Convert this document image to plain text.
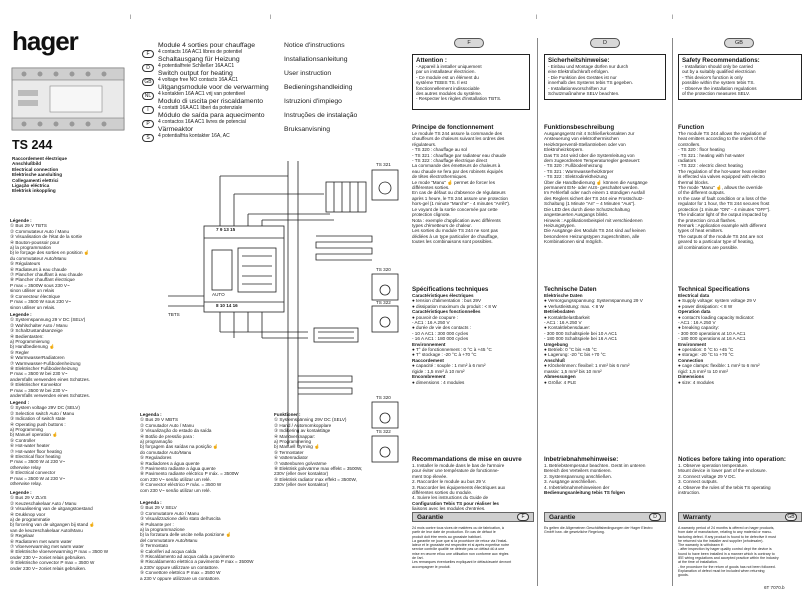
hager
TS 244
Raccordement électrique
Anschlußbild
Electrical connection
Elektrische aansluiting
Collegamenti elettrici
Ligação eléctrica
Elektrisk inkoppling
F
Module 4 sorties pour chauffage
4 contacts 16A AC1 libres de potentiel
Notice d'instructions
D
Schaltausgang für Heizung
4 potentialfreie Schließer 16A AC1
Installationsanleitung
GB
Switch output for heating
4 voltage free NO contacts 16A AC1
User instruction
NL
Uitgangsmodule voor de verwarming
4 kontakten 16A AC1 vrij van potentieel
Bedieningshandleiding
I
Modulo di uscita per riscaldamento
4 contatti 16A AC1 liberi da potenziale
Istruzioni d'impiego
P
Módulo de saída para aquecimento
4 contactos 16A AC1 livres de potencial
Instruções de instalação
S
Värmeaktor
4 potentialfria kontakter 16A, AC
Bruksanvisning
TS 321
TS 320
TS 322
TS 320
TS 322
7 9 13 15
8 10 14 16
TBTS
AUTO
Légende :
① Bus 29 V TBTS
② Commutateur Auto / Manu
③ Visualisation de l'état de la sortie
④ Bouton-poussoir pour
a) la programmation
b) le forçage des sorties en position ☝
du commutateur Auto/Manu
⑤ Régulateurs
⑥ Radiateurs à eau chaude
⑦ Plancher chauffant à eau chaude
⑧ Plancher chauffant électrique
P max = 3500W sous 230 V~
sinon utiliser un relais
⑨ Convecteur électrique
P max = 3500 W sous 230 V~
sinon utiliser un relais.
Legende :
① Systemspannung 29 V DC (SELV)
② Wahlschalter Auto / Manu
③ Schaltzustandsanzeige
④ Bedientasten:
a) Programmierung
b) Handbedienung ☝
⑤ Regler
⑥ WarmwasserRadiatoren
⑦ Warmwasser-Fußbodenheizung
⑧ Elektrischer Fußbodenheizung
P max = 3500 W bei 230 V~
andernfalls verwenden eines Schützes.
⑨ Elektrischer Konvektor
P max = 3500 W bei 230 V~
andernfalls verwenden eines Schützes.
Legend :
① System voltage 29V DC (SELV)
② Selection switch Auto / Manu
③ Indication of switch state
④ Operating push buttons :
a) Programming
b) Manuel operation ☝
⑤ Controller
⑥ Hot-water heater
⑦ Hot-water floor heating
⑧ Electrical floor heating
P max = 3500 W at 230 V~
otherwise relay
⑨ Electrical convector
P max = 3500 W at 230 V~
otherwise relay.
Legende :
① Bus 29 V ZLVS
② Keuzeschakelaar Auto / Manu
③ Visualisering van de uitgangstoestand
④ Drukknop voor
a) de programmatie
b) forcering van de uitgangen bij stand ☝
van de keuzeschakelaar Auto/Manu
⑤ Regelaar
⑥ Radiatoren met warm water
⑦ Vloerverwarming met warm water
⑧ Elektrische vloerverwarming P max = 3500 W
onder 230 V~ zoniet relais gebruiken.
⑨ Elektrische convector P max = 3500 W
onder 230 V~ zoniet relais gebruiken.
Legenda :
① Bus 29 V SELV
② Commutatore Auto / Manu
③ Visualizzazione dello stato dell'uscita
④ Pulsante per :
a) la programmazione
b) la forzatura delle uscite nella posizione ☝
del commutatore Auto/Manu
⑤ Termostato
⑥ Caloriferi ad acqua calda
⑦ Riscaldamento ad acqua calda a pavimento
⑧ Riscaldamento elettrico a pavimento P max = 3500W
a 230V oppure utilizzare un contattore.
⑨ Convettore elettrico P max = 3500 W
a 230 V oppure utilizzare un contattore.
Legenda :
① Bus 29 V MBTS
② Comutador Auto / Manu
③ Visualização do estado da saída
④ Botão de pressão para :
a) programação
b) forçagem das saídas na posição ☝
do comutador Auto/Manu
⑤ Reguladores
⑥ Radiadores a água quente
⑦ Pavimento radiante a água quente
⑧ Pavimento radiante eléctrico P máx. = 3500W
com 230 V~ senão utilizar um relé.
⑨ Convector eléctrico P máx. = 3500 W
com 230 V~ senão utilizar um relé.
Funktioner :
① Systemspänning 29V DC (SELV)
② Hand / Automomkopplare
③ Indikering av kontaktläge
④ Manöverknappar:
a) Programmering
b) Manuell styrning ☝
⑤ Termostater
⑥ Vattenradiator
⑦ Vattenburen golvvärme
⑧ Elektrisk golvvärme max effekt = 3500W,
230V (eller över kontaktor)
⑨ Elektrisk radiator max effekt = 3500W,
230V (eller över kontaktor)
F	D	GB
Attention :
- Appareil à installer uniquement
par un installateur électricien.
- Ce module est un élément du
système TEBIS TS. Il est
fonctionnellement indissociable
des autres modules du système.
- Respecter les règles d'installation TBTS.
Sicherheitshinweise:
- Einbau und Montage dürfen nur durch
eine Elektrofachkraft erfolgen.
- Die Funktion des Gerätes ist nur
innerhalb des Systems tebis TS gegeben.
- Installationsvorschriften zur
Schutzmaßnahme SELV beachten.
Safety Recommendations:
- Installation should only be carried
out by a suitably qualified electrician
- This device's function is only
possible within the system tebis TS.
- Observe the installation regulations
of the protection measures SELV.
Principe de fonctionnement
Le module TS 244 assure la commande des
chauffeurs de chaleurs suivant les ordres des
régulateurs.
- TS 320 : chauffage au sol
- TS 321 : chauffage par radiateur eau chaude
- TS 322 : chauffage électrique direct
La commande des émetteurs de chaleurs à
eau chaude se fera par des robinets équipés
de têtes électrothermiques.
Le mode "Manu" ☝ permet de forcer les
différentes sorties.
En cas de défaut ou d'absence de régulateurs
après 1 heure, le TS 244 assure une protection
hors-gel (1 minute "Marche" - 4 minutes "Arrêt").
Le voyant de la sortie concernée par cette
protection clignote.
Nota : exemple d'application avec différents
types d'émetteurs de chaleur.
Les sorties du module TS 244 ne sont pas
dédiées à un type particulier de chauffage,
toutes les combinaisons sont possibles.
Funktionsbeschreibung
Ausgangsgerät mit 4 Schließerkontakten zur
Ansteuerung von elektrothermischen
Heizkörperventil-Stellantrieben oder von
Elektroheizkörpern.
Das TS 244 wird über die Systemleitung von
dem zugeordneten Temperaturregler gesteuert:
- TS 320 : Fußbodenheizung
- TS 321 : Warmwasserheizkörper
- TS 322 : Elektrodirektheizung
Über die Handbedienung ☝ können die Ausgänge
permanent EIN- oder AUS- geschaltet werden.
Im Fehlerfall oder nach einem 1 stündigen Ausfall
des Reglers sichert der TS 244 eine Frostschutz-
Schaltung (1 Minute "An" – 4 Minuten "Aus").
Die LED des durch diese Schutzschaltung
angesteuerten Ausgangs blinkt.
Hinweis : Applikationsbeispiel mit verschiedenen
Heizungstypen.
Die Ausgänge des Moduls TS 244 sind auf keinen
besonderen Heizungstypen zugeschnitten, alle
Kombinationen sind möglich.
Function
The module TS 244 allows the regulation of
heat emitters according to the orders of the
controllers.
- TS 320 : floor heating
- TS 321 : heating with hot-water
radiators
- TS 322 : electric direct heating
The regulation of the hot-water heat emitter
is effected via valves equipped with electro
thermal blocks.
The mode "Manu" ☝, allows the override
of the different outputs.
In the case of fault condition or a loss of the
regulator for 1 hour, the TS 244 secures frost
protection (1 minute "ON" - 4 minutes "OFF").
The indicator light of the output impacted by
the protection circuit flashes.
Remark : Application example with different
types of heat emitters.
The outputs of the module TS 244 are not
geared to a particular type of heating,
all combinations are possible.
Spécifications techniques
Caractéristiques électriques
● tension d'alimentation : bus 29V
● dissipation maximum du produit : < 8 W
Caractéristiques fonctionnelles
● pouvoir de coupure :
- AC1 : 16 A 250 V
● durée de vie des contacts :
- 10 A AC1 : 300 000 cycles
- 16 A AC1 : 180 000 cycles
Environnement
● T° de fonctionnement : 0 °C à +45 °C
● T° stockage : -20 °C à +70 °C
Raccordement
● capacité : souple : 1 mm² à 6 mm²
rigide : 1,5 mm² à 10 mm²
Encombrement
● dimensions : 4 modules
Technische Daten
Elektrische Daten
● Versorgungsspannung: Systemspannung 29 V
● Verlustleistung: max. < 8 W
Betriebsdaten
● Kontaktbelastbarkeit
- AC1 : 16 A 250 V
● Kontaktlebensdauer:
- 300 000 Schaltspiele bei 10 A AC1
- 180 000 Schaltspiele bei 16 A AC1
Umgebung
● Betrieb: 0 °C bis +45 °C
● Lagerung: -20 °C bis +70 °C
Anschluß
● Klöckelmmen: flexibel: 1 mm² bis 6 mm²
massiv: 1,5 mm² bis 10 mm²
Abmessungen
● Größe: 4 PLE
Technical Specifications
Electrical data
● Supply voltage: system voltage 29 V
● power dissipation: < 8 W
Operation data
● contact's loading capacity Indicator:
- AC1 : 16 A 250 V
● breaking capacity:
- 300 000 operations at 10 A AC1
- 180 000 operations at 16 A AC1
Environment
● operation: 0 °C to +45 °C
● storage: -20 °C to +70 °C
Connection
● cage clamps: flexible: 1 mm² to 6 mm²
rigid: 1,5 mm² to 10 mm²
Dimensions
● size: 4 modules
Recommandations de mise en œuvre
1. Installer le module dans le bas de l'armoire
pour éviter une température de fonctionne-
ment trop élevée.
2. Raccorder le module au bus 29 V.
3. Raccorder les équipements électriques aux
différentes sorties du module.
4. Suivre les instructions du Guide de
Configuration Tebis TS pour réaliser les
liaisons avec les modules d'entrées.
Inbetriebnahmehinweise:
1. Betriebstemperatur beachten. Gerät im unteren
Bereich des Verteilers montieren.
2. Systemspannung anschließen.
3. Ausgänge anschließen.
4. Inbetriebnahmehinweisen der
Bedienungsanleitung tebis TS folgen
Notices before taking into operation:
1. Observe operation temperature.
Mount device in lower part of the enclosure.
2. Connect voltage 29 V DC.
3. Connect outputs.
4. Observe the rules of the tebis TS operating
instruction.
Garantie	F	Garantie	D	Warranty	GB
24 mois contre tous vices de matières ou de fabrication, à
partir de leur date de production. En cas de défaut le
produit doit être remis au grossiste habituel.
La garantie ne joue que si la procédure de retour via l'instal-
lateur et le grossiste est respectée et si après expertise notre
service contrôle qualité ne détecte pas un défaut dû à une
mise en œuvre et/ou une utilisation non conforme aux règles
de l'art.
Les remarques éventuelles expliquant le défaut/avarié devront
accompagner le produit.
Es gelten die Allgemeinen Geschäftsbedingungen der Hager Electro
GmbH bzw. die gesetzliche Regelung.
A warranty period of 24 months is offered on hager products,
from date of manufacture, relating to any material or manu-
facturing defect. If any product is found to be defective it must
be returned via the installer and supplier (wholesaler).
The warranty is withdrawn if:
- after inspection by hager quality control dept the device is
found to have been installed in a manner which is contrary to
IEE wiring regulations and accepted practice within the industry
at the time of installation.
- the procedure for the return of goods has not been followed.
Explanation of defect must be included when returning
goods.
6T 7070.b
|	|	|	|
